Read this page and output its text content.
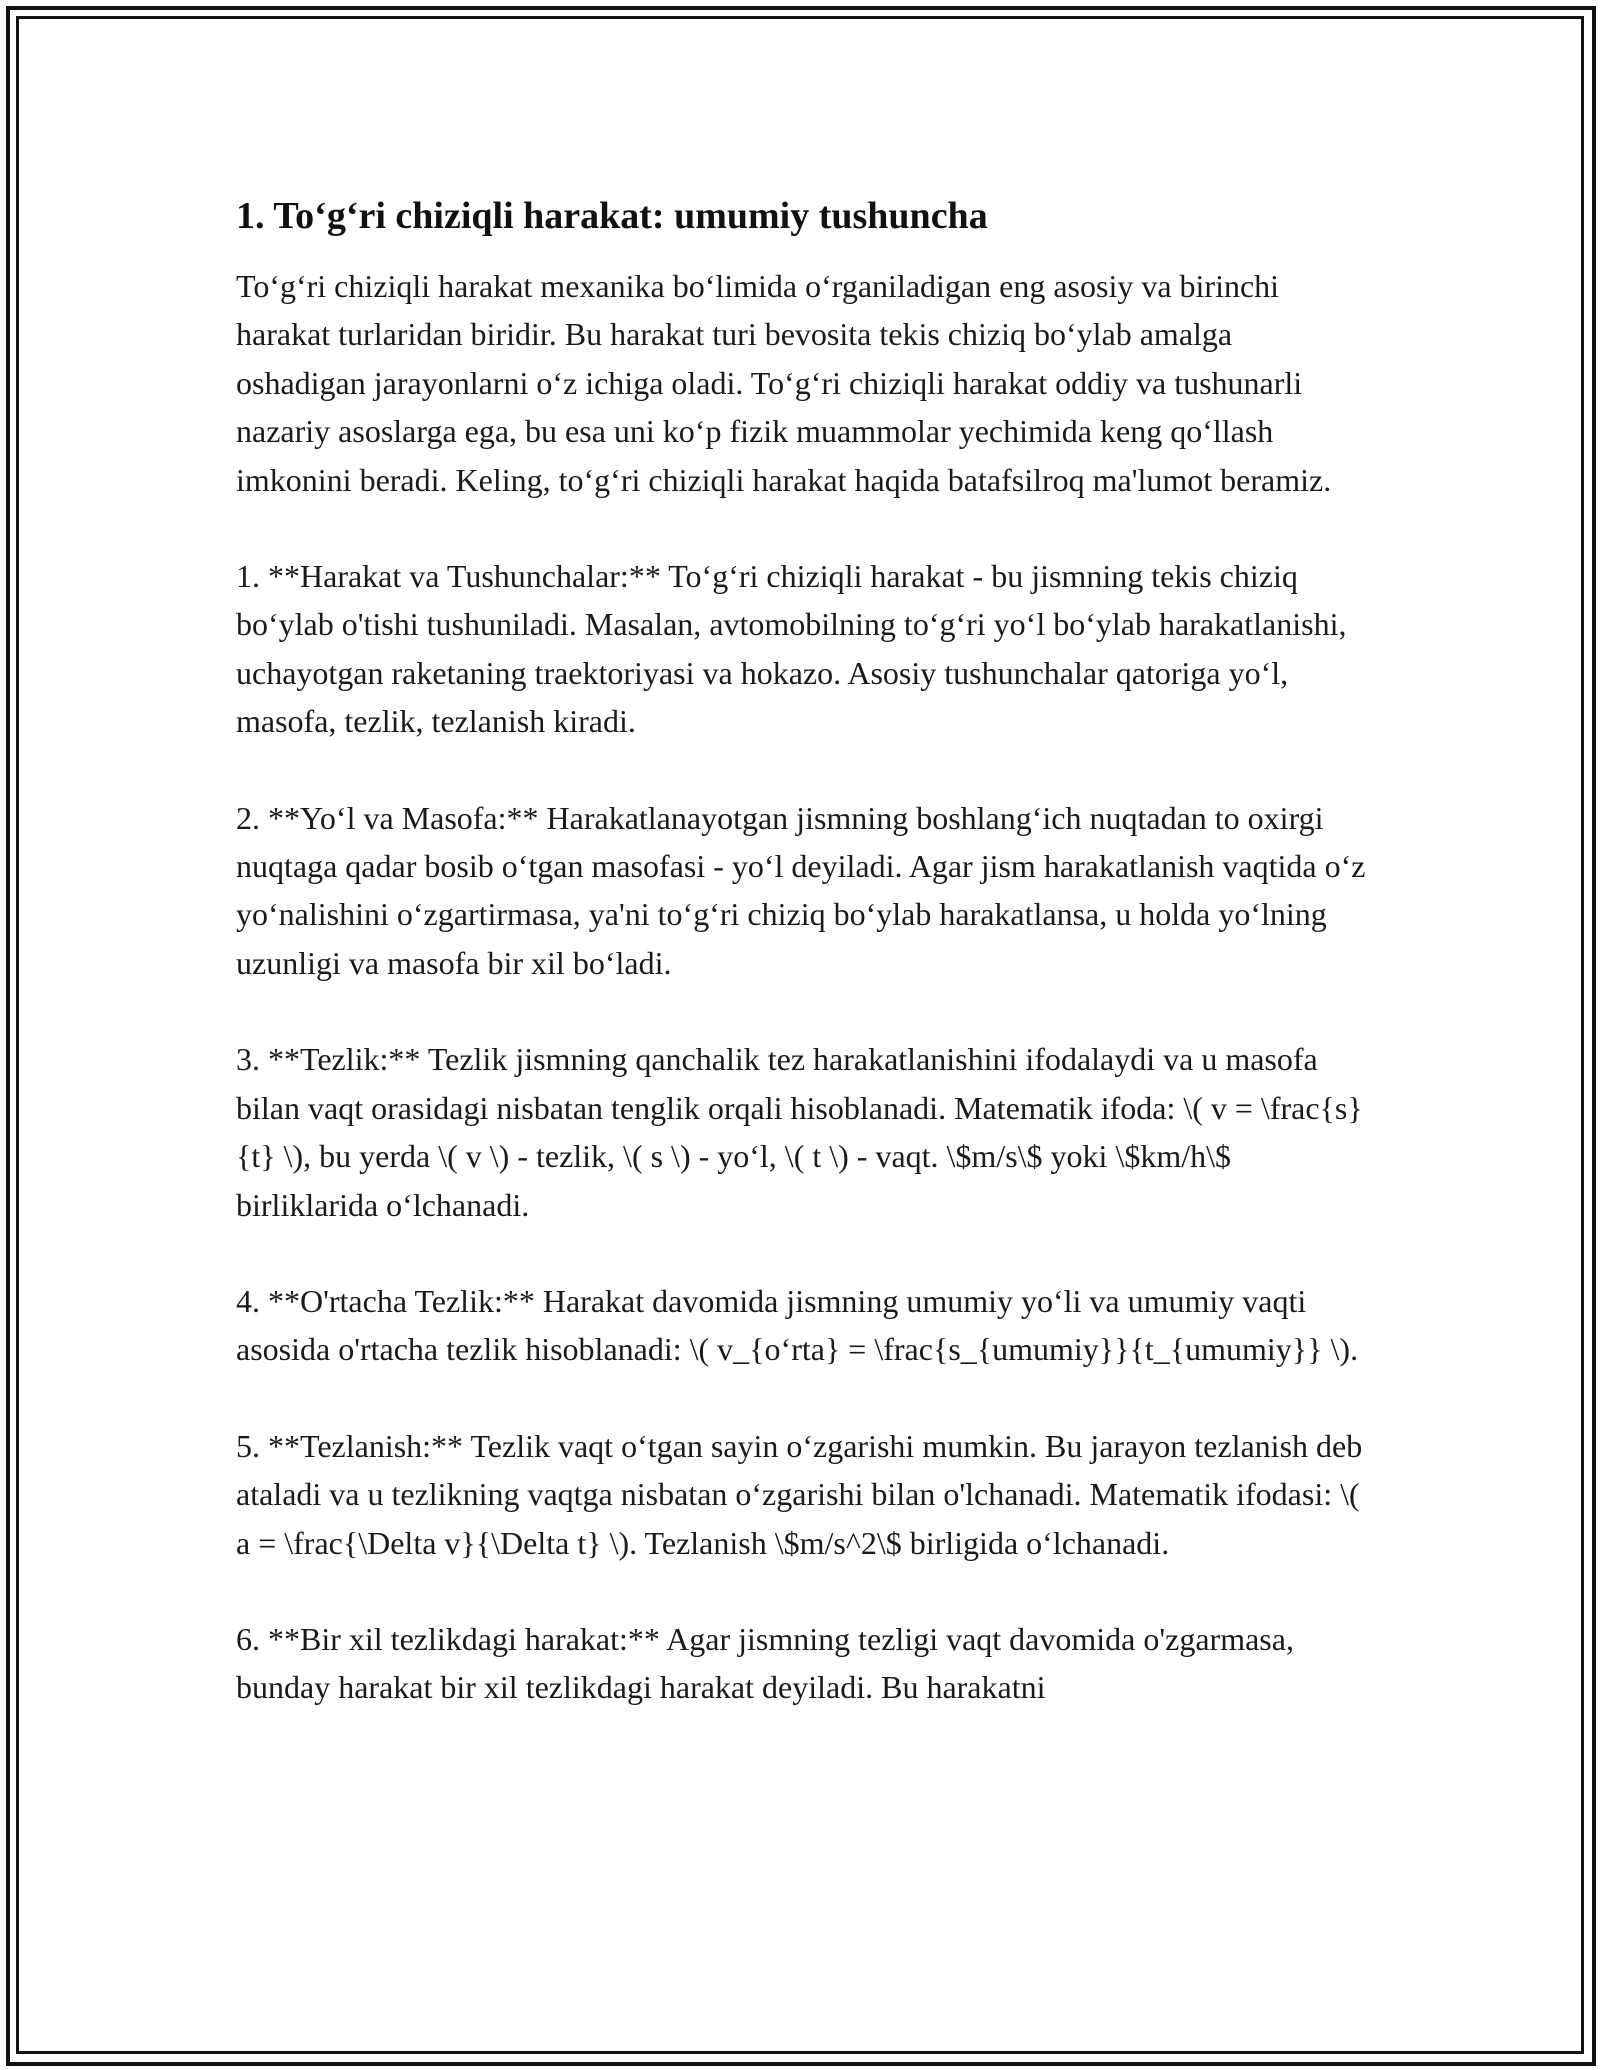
1. To‘g‘ri chiziqli harakat: umumiy tushuncha

To‘g‘ri chiziqli harakat mexanika bo‘limida o‘rganiladigan eng asosiy va birinchi harakat turlaridan biridir. Bu harakat turi bevosita tekis chiziq bo‘ylab amalga oshadigan jarayonlarni o‘z ichiga oladi. To‘g‘ri chiziqli harakat oddiy va tushunarli nazariy asoslarga ega, bu esa uni ko‘p fizik muammolar yechimida keng qo‘llash imkonini beradi. Keling, to‘g‘ri chiziqli harakat haqida batafsilroq ma'lumot beramiz.

1. **Harakat va Tushunchalar:** To‘g‘ri chiziqli harakat - bu jismning tekis chiziq bo‘ylab o'tishi tushuniladi. Masalan, avtomobilning to‘g‘ri yo‘l bo‘ylab harakatlanishi, uchayotgan raketaning traektoriyasi va hokazo. Asosiy tushunchalar qatoriga yo‘l, masofa, tezlik, tezlanish kiradi.

2. **Yo‘l va Masofa:** Harakatlanayotgan jismning boshlang‘ich nuqtadan to oxirgi nuqtaga qadar bosib o‘tgan masofasi - yo‘l deyiladi. Agar jism harakatlanish vaqtida o‘z yo‘nalishini o‘zgartirmasa, ya'ni to‘g‘ri chiziq bo‘ylab harakatlansa, u holda yo‘lning uzunligi va masofa bir xil bo‘ladi.

3. **Tezlik:** Tezlik jismning qanchalik tez harakatlanishini ifodalaydi va u masofa bilan vaqt orasidagi nisbatan tenglik orqali hisoblanadi. Matematik ifoda: \( v = \frac{s}{t} \), bu yerda \( v \) - tezlik, \( s \) - yo‘l, \( t \) - vaqt. \$m/s\$ yoki \$km/h\$ birliklarida o‘lchanadi.

4. **O'rtacha Tezlik:** Harakat davomida jismning umumiy yo‘li va umumiy vaqti asosida o'rtacha tezlik hisoblanadi: \( v_{o‘rta} = \frac{s_{umumiy}}{t_{umumiy}} \).

5. **Tezlanish:** Tezlik vaqt o‘tgan sayin o‘zgarishi mumkin. Bu jarayon tezlanish deb ataladi va u tezlikning vaqtga nisbatan o‘zgarishi bilan o'lchanadi. Matematik ifodasi: \( a = \frac{\Delta v}{\Delta t} \). Tezlanish \$m/s^2\$ birligida o‘lchanadi.

6. **Bir xil tezlikdagi harakat:** Agar jismning tezligi vaqt davomida o'zgarmasa, bunday harakat bir xil tezlikdagi harakat deyiladi. Bu harakatni
